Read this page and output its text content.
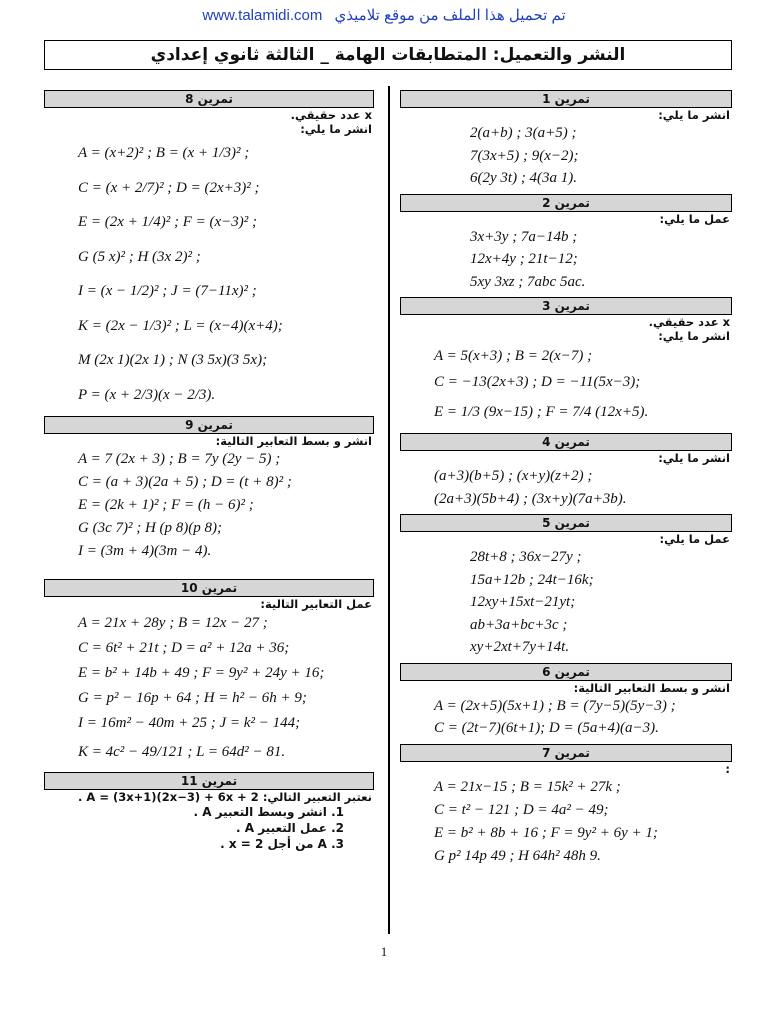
تم تحميل هذا الملف من موقع تلاميذي www.talamidi.com
النشر والتعميل: المتطابقات الهامة _ الثالثة ثانوي إعدادي
تمرين 1
انشر ما يلي:
2(a+b) ; 3(a+5) ;
7(3x+5) ; 9(x−2);
6(2y 3t) ; 4(3a 1).
تمرين 2
عمل ما يلي:
3x+3y ; 7a−14b ;
12x+4y ; 21t−12;
5xy 3xz ; 7abc 5ac.
تمرين 3
x عدد حقيقي.
انشر ما يلي:
A = 5(x+3) ; B = 2(x−7) ;
C = −13(2x+3) ; D = −11(5x−3);
E = 1/3 (9x−15) ; F = 7/4 (12x+5).
تمرين 4
انشر ما يلي:
(a+3)(b+5) ; (x+y)(z+2) ;
(2a+3)(5b+4) ; (3x+y)(7a+3b).
تمرين 5
عمل ما يلي:
28t+8 ; 36x−27y ;
15a+12b ; 24t−16k;
12xy+15xt−21yt;
ab+3a+bc+3c ;
xy+2xt+7y+14t.
تمرين 6
انشر و بسط التعابير التالية:
A = (2x+5)(5x+1) ; B = (7y−5)(5y−3) ;
C = (2t−7)(6t+1); D = (5a+4)(a−3).
تمرين 7
:
A = 21x−15 ; B = 15k² + 27k ;
C = t² − 121 ; D = 4a² − 49;
E = b² + 8b + 16 ; F = 9y² + 6y + 1;
G p² 14p 49 ; H 64h² 48h 9.
تمرين 8
x عدد حقيقي.
انشر ما يلي:
A = (x+2)² ; B = (x + 1/3)² ;
C = (x + 2/7)² ; D = (2x+3)² ;
E = (2x + 1/4)² ; F = (x−3)² ;
G (5 x)² ; H (3x 2)² ;
I = (x − 1/2)² ; J = (7−11x)² ;
K = (2x − 1/3)² ; L = (x−4)(x+4);
M (2x 1)(2x 1) ; N (3 5x)(3 5x);
P = (x + 2/3)(x − 2/3).
تمرين 9
انشر و بسط التعابير التالية:
A = 7 (2x + 3) ; B = 7y (2y − 5) ;
C = (a + 3)(2a + 5) ; D = (t + 8)² ;
E = (2k + 1)² ; F = (h − 6)² ;
G (3c 7)² ; H (p 8)(p 8);
I = (3m + 4)(3m − 4).
تمرين 10
عمل التعابير التالية:
A = 21x + 28y ; B = 12x − 27 ;
C = 6t² + 21t ; D = a² + 12a + 36;
E = b² + 14b + 49 ; F = 9y² + 24y + 16;
G = p² − 16p + 64 ; H = h² − 6h + 9;
I = 16m² − 40m + 25 ; J = k² − 144;
K = 4c² − 49/121 ; L = 64d² − 81.
تمرين 11
نعتبر التعبير التالي: A = (3x+1)(2x−3) + 6x + 2 .
1. انشر وبسط التعبير A .
2. عمل التعبير A .
3. A من أجل x = 2 .
1
